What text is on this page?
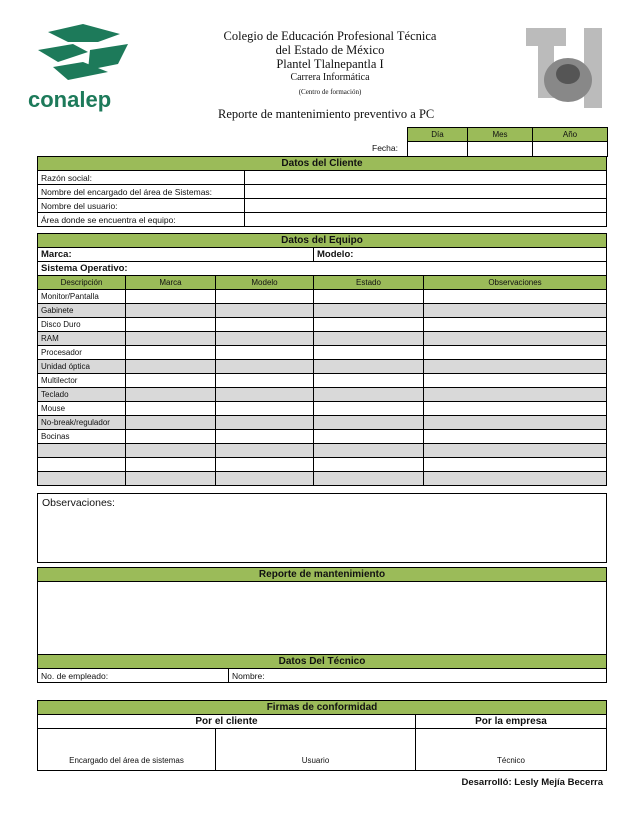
conalep
Colegio de Educación Profesional Técnica
del Estado de México
Plantel Tlalnepantla I
Carrera Informática
(Centro de formación)
Reporte de mantenimiento preventivo a PC
Día	Mes	Año

Fecha:
Datos del Cliente	
Razón social:	
Nombre del encargado del área de Sistemas:	
Nombre del usuario:	
Área donde se encuentra el equipo:	
Datos del Equipo				
Marca:			Modelo:	
Sistema Operativo:				
Descripción	Marca	Modelo	Estado	Observaciones
Monitor/Pantalla				
Gabinete				
Disco Duro				
RAM				
Procesador				
Unidad óptica				
Multilector				
Teclado				
Mouse				
No-break/regulador				
Bocinas				

Observaciones:
Reporte de mantenimiento
Datos Del Técnico
No. de empleado:	Nombre:
Firmas de conformidad		
Por el cliente		Por la empresa
Encargado del área de sistemas	Usuario	Técnico
Desarrolló: Lesly Mejía Becerra
